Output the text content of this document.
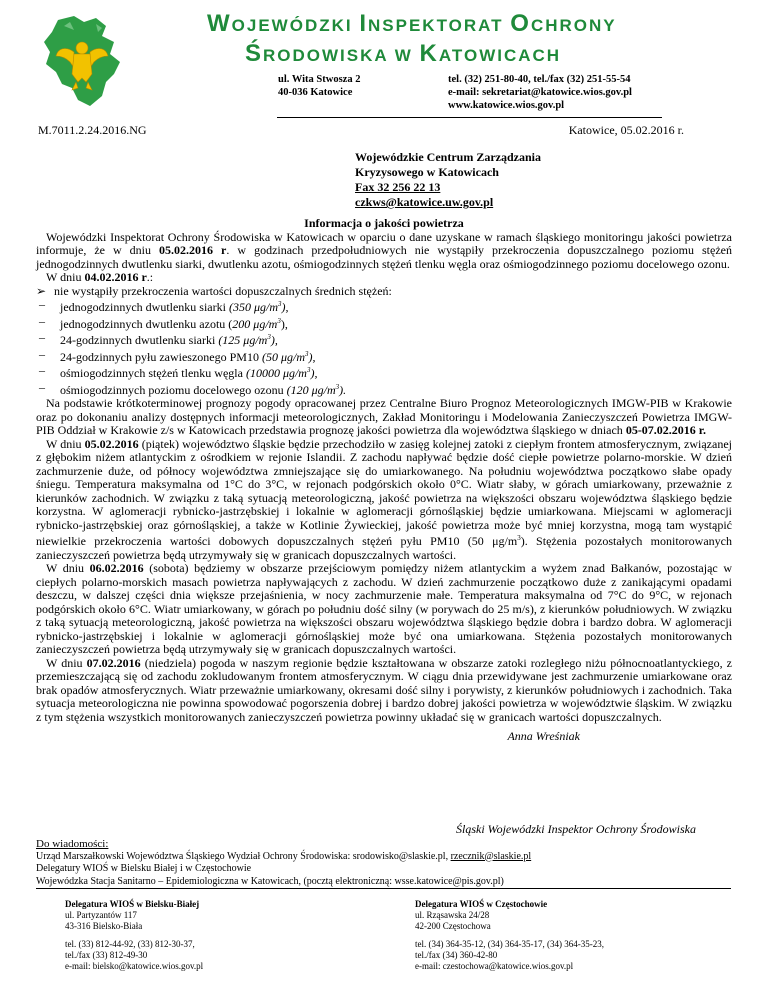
WOJEWÓDZKI INSPEKTORAT OCHRONY
ŚRODOWISKA W KATOWICACH
ul. Wita Stwosza 2
40-036 Katowice
tel. (32) 251-80-40, tel./fax (32) 251-55-54
e-mail: sekretariat@katowice.wios.gov.pl
www.katowice.wios.gov.pl
M.7011.2.24.2016.NG	Katowice, 05.02.2016 r.
Wojewódzkie Centrum Zarządzania
Kryzysowego w Katowicach
Fax 32 256 22 13
czkws@katowice.uw.gov.pl

Informacja o jakości powietrza

Wojewódzki Inspektorat Ochrony Środowiska w Katowicach w oparciu o dane uzyskane w ramach śląskiego monitoringu jakości powietrza informuje, że w dniu 05.02.2016 r. w godzinach przedpołudniowych nie wystąpiły przekroczenia dopuszczalnego poziomu stężeń jednogodzinnych dwutlenku siarki, dwutlenku azotu, ośmiogodzinnych stężeń tlenku węgla oraz ośmiogodzinnego poziomu docelowego ozonu.

W dniu 04.02.2016 r.:

➢ nie wystąpiły przekroczenia wartości dopuszczalnych średnich stężeń:
– jednogodzinnych dwutlenku siarki (350 $\mu g/m^3$),
– jednogodzinnych dwutlenku azotu (200 $\mu g/m^3$),
– 24-godzinnych dwutlenku siarki (125 $\mu g/m^3$),
– 24-godzinnych pyłu zawieszonego PM10 (50 $\mu g/m^3$),
– ośmiogodzinnych stężeń tlenku węgla (10000 $\mu g/m^3$),
– ośmiogodzinnych poziomu docelowego ozonu (120 $\mu g/m^3$).

Na podstawie krótkoterminowej prognozy pogody opracowanej przez Centralne Biuro Prognoz Meteorologicznych IMGW-PIB w Krakowie oraz po dokonaniu analizy dostępnych informacji meteorologicznych, Zakład Monitoringu i Modelowania Zanieczyszczeń Powietrza IMGW-PIB Oddział w Krakowie z/s w Katowicach przedstawia prognozę jakości powietrza dla województwa śląskiego w dniach 05-07.02.2016 r.

W dniu 05.02.2016 (piątek) województwo śląskie będzie przechodziło w zasięg kolejnej zatoki z ciepłym frontem atmosferycznym, związanej z głębokim niżem atlantyckim z ośrodkiem w rejonie Islandii. Z zachodu napływać będzie dość ciepłe powietrze polarno-morskie. W dzień zachmurzenie duże, od północy województwa zmniejszające się do umiarkowanego. Na południu województwa początkowo słabe opady śniegu. Temperatura maksymalna od 1°C do 3°C, w rejonach podgórskich około 0°C. Wiatr słaby, w górach umiarkowany, przeważnie z kierunków zachodnich. W związku z taką sytuacją meteorologiczną, jakość powietrza na większości obszaru województwa śląskiego będzie korzystna. W aglomeracji rybnicko-jastrzębskiej i lokalnie w aglomeracji górnośląskiej będzie umiarkowana. Miejscami w aglomeracji rybnicko-jastrzębskiej oraz górnośląskiej, a także w Kotlinie Żywieckiej, jakość powietrza może być mniej korzystna, mogą tam wystąpić niewielkie przekroczenia wartości dobowych dopuszczalnych stężeń pyłu PM10 (50 $\mu g/m^3$). Stężenia pozostałych monitorowanych zanieczyszczeń powietrza będą utrzymywały się w granicach dopuszczalnych wartości.

W dniu 06.02.2016 (sobota) będziemy w obszarze przejściowym pomiędzy niżem atlantyckim a wyżem znad Bałkanów, pozostając w ciepłych polarno-morskich masach powietrza napływających z zachodu. W dzień zachmurzenie początkowo duże z zanikającymi opadami deszczu, w dalszej części dnia większe przejaśnienia, w nocy zachmurzenie małe. Temperatura maksymalna od 7°C do 9°C, w rejonach podgórskich około 6°C. Wiatr umiarkowany, w górach po południu dość silny (w porywach do 25 m/s), z kierunków południowych. W związku z taką sytuacją meteorologiczną, jakość powietrza na większości obszaru województwa śląskiego będzie dobra i bardzo dobra. W aglomeracji rybnicko-jastrzębskiej i lokalnie w aglomeracji górnośląskiej może być ona umiarkowana. Stężenia pozostałych monitorowanych zanieczyszczeń powietrza będą utrzymywały się w granicach dopuszczalnych wartości.

W dniu 07.02.2016 (niedziela) pogoda w naszym regionie będzie kształtowana w obszarze zatoki rozległego niżu północnoatlantyckiego, z przemieszczającą się od zachodu zokludowanym frontem atmosferycznym. W ciągu dnia przewidywane jest zachmurzenie umiarkowane oraz brak opadów atmosferycznych. Wiatr przeważnie umiarkowany, okresami dość silny i porywisty, z kierunków południowych i zachodnich. Taka sytuacja meteorologiczna nie powinna spowodować pogorszenia dobrej i bardzo dobrej jakości powietrza w województwie śląskim. W związku z tym stężenia wszystkich monitorowanych zanieczyszczeń powietrza powinny układać się w granicach wartości dopuszczalnych.

Anna Wreśniak

Śląski Wojewódzki Inspektor Ochrony Środowiska
Do wiadomości:
Urząd Marszałkowski Województwa Śląskiego Wydział Ochrony Środowiska: srodowisko@slaskie.pl, rzecznik@slaskie.pl
Delegatury WIOŚ w Bielsku Białej i w Częstochowie
Wojewódzka Stacja Sanitarno – Epidemiologiczna w Katowicach, (pocztą elektroniczną: wsse.katowice@pis.gov.pl)
Delegatura WIOŚ w Bielsku-Białej
ul. Partyzantów 117
43-316 Bielsko-Biała
tel. (33) 812-44-92, (33) 812-30-37,
tel./fax (33) 812-49-30
e-mail: bielsko@katowice.wios.gov.pl
Delegatura WIOŚ w Częstochowie
ul. Rząsawska 24/28
42-200 Częstochowa
tel. (34) 364-35-12, (34) 364-35-17, (34) 364-35-23,
tel./fax (34) 360-42-80
e-mail: czestochowa@katowice.wios.gov.pl
